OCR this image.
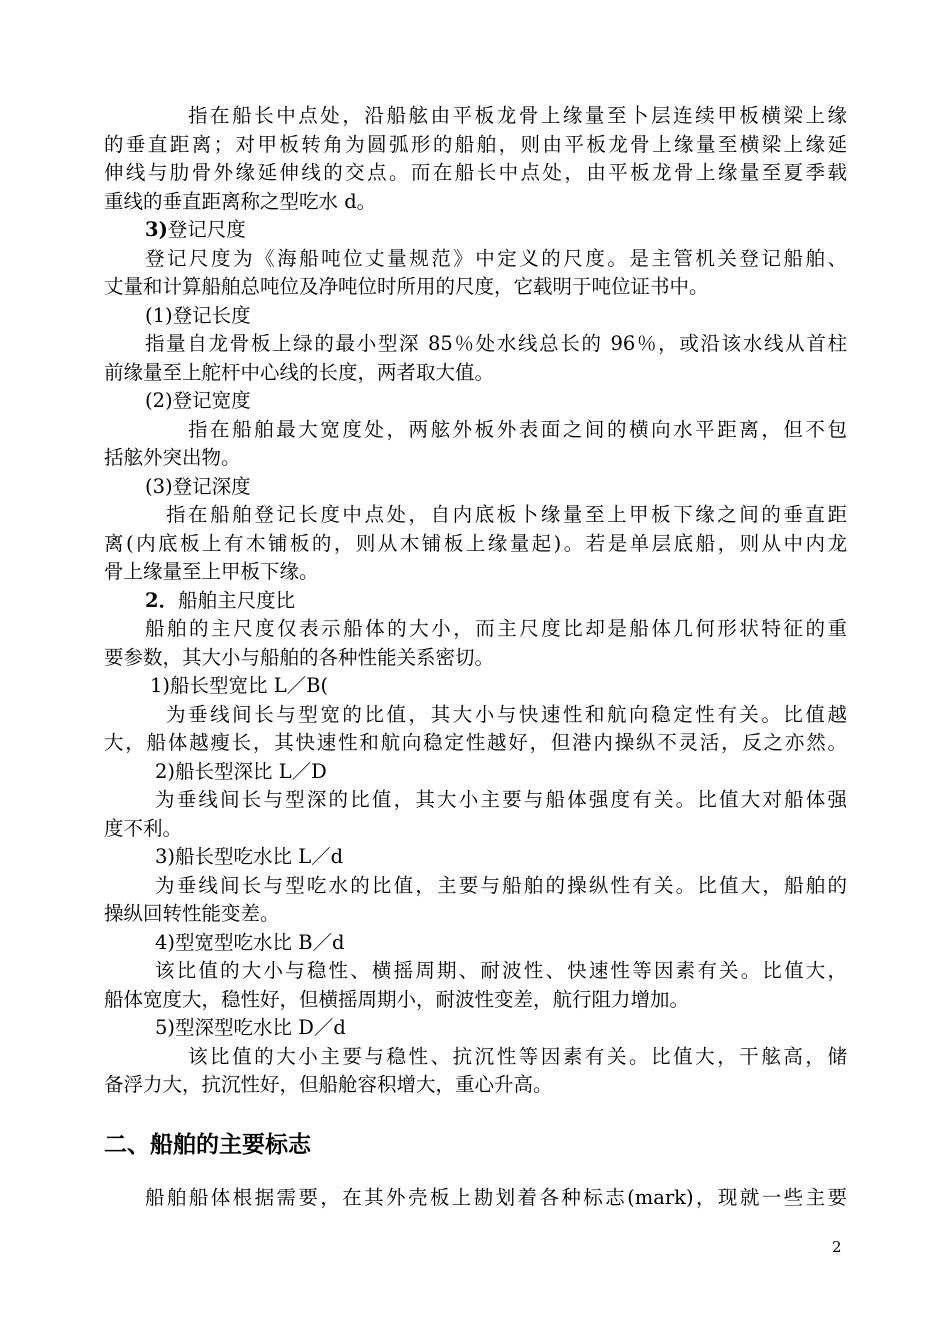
指在船长中点处，沿船舷由平板龙骨上缘量至卜层连续甲板横梁上缘
的垂直距离；对甲板转角为圆弧形的船舶，则由平板龙骨上缘量至横梁上缘延
伸线与肋骨外缘延伸线的交点。而在船长中点处，由平板龙骨上缘量至夏季载
重线的垂直距离称之型吃水 d。
3)登记尺度
登记尺度为《海船吨位丈量规范》中定义的尺度。是主管机关登记船舶、
丈量和计算船舶总吨位及净吨位时所用的尺度，它载明于吨位证书中。
(1)登记长度
指量自龙骨板上绿的最小型深 85％处水线总长的 96％，或沿该水线从首柱
前缘量至上舵杆中心线的长度，两者取大值。
(2)登记宽度
指在船舶最大宽度处，两舷外板外表面之间的横向水平距离，但不包
括舷外突出物。
(3)登记深度
指在船舶登记长度中点处，自内底板卜缘量至上甲板下缘之间的垂直距
离(内底板上有木铺板的，则从木铺板上缘量起)。若是单层底船，则从中内龙
骨上缘量至上甲板下缘。
2．船舶主尺度比
船舶的主尺度仅表示船体的大小，而主尺度比却是船体几何形状特征的重
要参数，其大小与船舶的各种性能关系密切。
1)船长型宽比 L／B(
为垂线间长与型宽的比值，其大小与快速性和航向稳定性有关。比值越
大，船体越瘦长，其快速性和航向稳定性越好，但港内操纵不灵活，反之亦然。
2)船长型深比 L／D
为垂线间长与型深的比值，其大小主要与船体强度有关。比值大对船体强
度不利。
3)船长型吃水比 L／d
为垂线间长与型吃水的比值，主要与船舶的操纵性有关。比值大，船舶的
操纵回转性能变差。
4)型宽型吃水比 B／d
该比值的大小与稳性、横摇周期、耐波性、快速性等因素有关。比值大，
船体宽度大，稳性好，但横摇周期小，耐波性变差，航行阻力增加。
5)型深型吃水比 D／d
该比值的大小主要与稳性、抗沉性等因素有关。比值大，干舷高，储
备浮力大，抗沉性好，但船舱容积增大，重心升高。
二、船舶的主要标志
船舶船体根据需要，在其外壳板上勘划着各种标志(mark)，现就一些主要
2
